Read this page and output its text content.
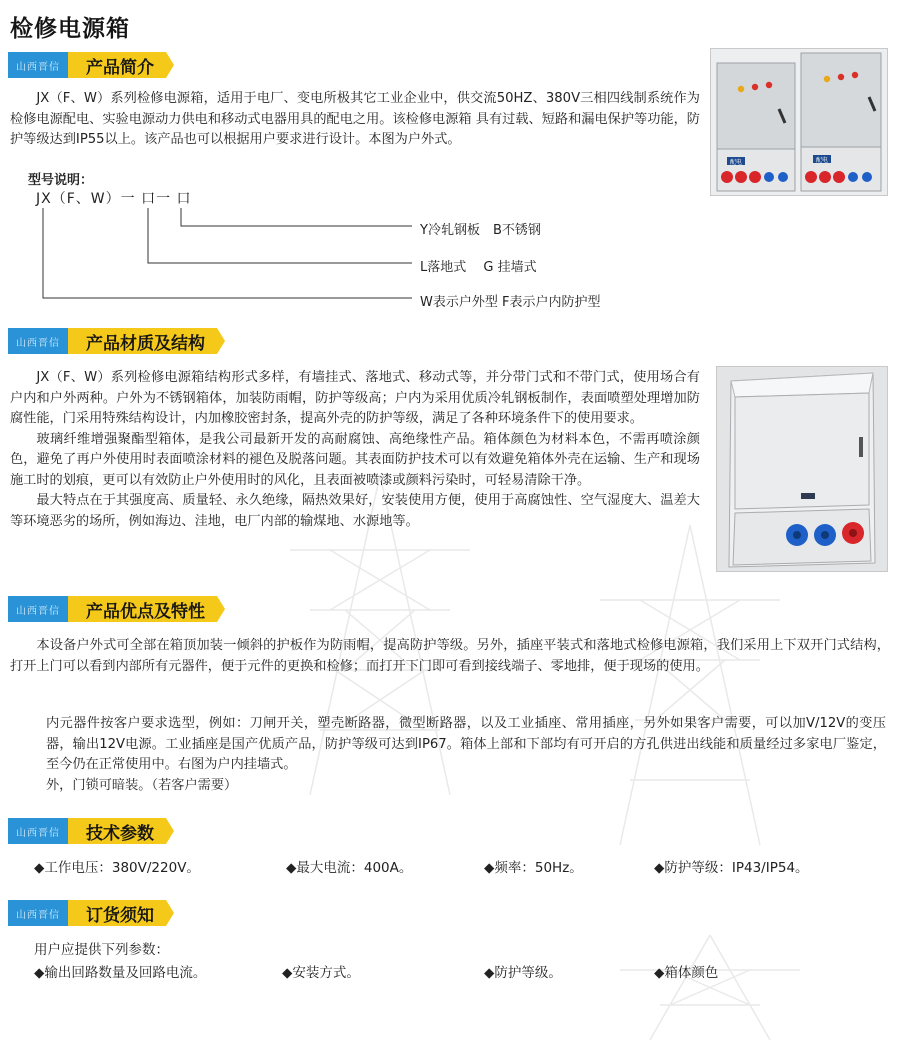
检修电源箱
山西晋信	产品简介

JX（F、W）系列检修电源箱，适用于电厂、变电所极其它工业企业中，供交流50HZ、380V三相四线制系统作为检修电源配电、实验电源动力供电和移动式电器用具的配电之用。该检修电源箱 具有过载、短路和漏电保护等功能，防护等级达到IP55以上。该产品也可以根据用户要求进行设计。本图为户外式。

配电	配电
型号说明：
JX（F、W）一 口一 口
Y冷轧钢板　B不锈钢
L落地式　 G 挂墙式
W表示户外型 F表示户内防护型
山西晋信	产品材质及结构

JX（F、W）系列检修电源箱结构形式多样，有墙挂式、落地式、移动式等，并分带门式和不带门式，使用场合有户内和户外两种。户外为不锈钢箱体，加装防雨帽，防护等级高；户内为采用优质冷轧钢板制作，表面喷塑处理增加防腐性能，门采用特殊结构设计，内加橡胶密封条，提高外壳的防护等级，满足了各种环境条件下的使用要求。

玻璃纤维增强聚酯型箱体，是我公司最新开发的高耐腐蚀、高绝缘性产品。箱体颜色为材料本色，不需再喷涂颜色，避免了再户外使用时表面喷涂材料的褪色及脱落问题。其表面防护技术可以有效避免箱体外壳在运输、生产和现场施工时的划痕，更可以有效防止户外使用时的风化，且表面被喷漆或颜料污染时，可轻易清除干净。

最大特点在于其强度高、质量轻、永久绝缘，隔热效果好，安装使用方便，使用于高腐蚀性、空气湿度大、温差大等环境恶劣的场所，例如海边、洼地，电厂内部的输煤地、水源地等。

山西晋信	产品优点及特性

本设备户外式可全部在箱顶加装一倾斜的护板作为防雨帽，提高防护等级。另外，插座平装式和落地式检修电源箱，我们采用上下双开门式结构，打开上门可以看到内部所有元器件，便于元件的更换和检修；而打开下门即可看到接线端子、零地排，便于现场的使用。

内元器件按客户要求选型，例如：刀闸开关，塑壳断路器，微型断路器，以及工业插座、常用插座，另外如果客户需要，可以加V/12V的变压器，输出12V电源。工业插座是国产优质产品，防护等级可达到IP67。箱体上部和下部均有可开启的方孔供进出线能和质量经过多家电厂鉴定，至今仍在正常使用中。右图为户内挂墙式。

外，门锁可暗装。（若客户需要）

山西晋信	技术参数
◆工作电压：380V/220V。	◆最大电流：400A。	◆频率：50Hz。	◆防护等级：IP43/IP54。
山西晋信	订货须知
用户应提供下列参数：
◆输出回路数量及回路电流。	◆安装方式。	◆防护等级。	◆箱体颜色
